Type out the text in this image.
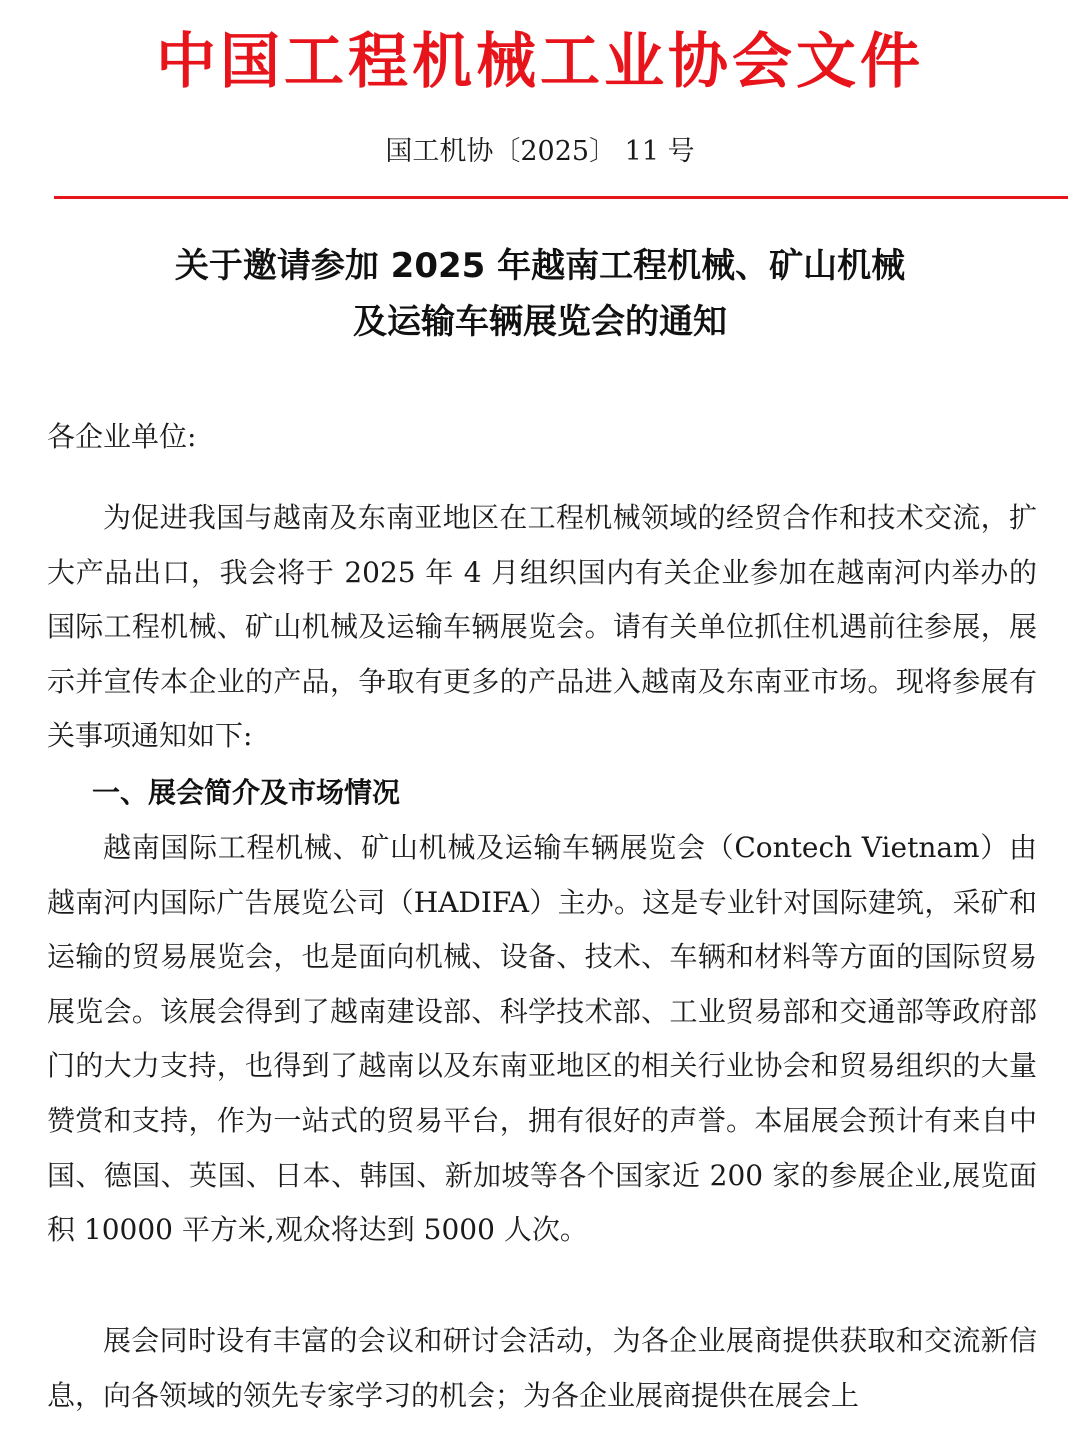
中国工程机械工业协会文件
国工机协〔2025〕 11 号
关于邀请参加 2025 年越南工程机械、矿山机械
及运输车辆展览会的通知
各企业单位:
为促进我国与越南及东南亚地区在工程机械领域的经贸合作和技术交流，扩大产品出口，我会将于 2025 年 4 月组织国内有关企业参加在越南河内举办的国际工程机械、矿山机械及运输车辆展览会。请有关单位抓住机遇前往参展，展示并宣传本企业的产品，争取有更多的产品进入越南及东南亚市场。现将参展有关事项通知如下:
一、展会简介及市场情况
越南国际工程机械、矿山机械及运输车辆展览会（Contech Vietnam）由越南河内国际广告展览公司（HADIFA）主办。这是专业针对国际建筑，采矿和运输的贸易展览会，也是面向机械、设备、技术、车辆和材料等方面的国际贸易展览会。该展会得到了越南建设部、科学技术部、工业贸易部和交通部等政府部门的大力支持，也得到了越南以及东南亚地区的相关行业协会和贸易组织的大量赞赏和支持，作为一站式的贸易平台，拥有很好的声誉。本届展会预计有来自中国、德国、英国、日本、韩国、新加坡等各个国家近 200 家的参展企业,展览面积 10000 平方米,观众将达到 5000 人次。
展会同时设有丰富的会议和研讨会活动，为各企业展商提供获取和交流新信息，向各领域的领先专家学习的机会；为各企业展商提供在展会上
